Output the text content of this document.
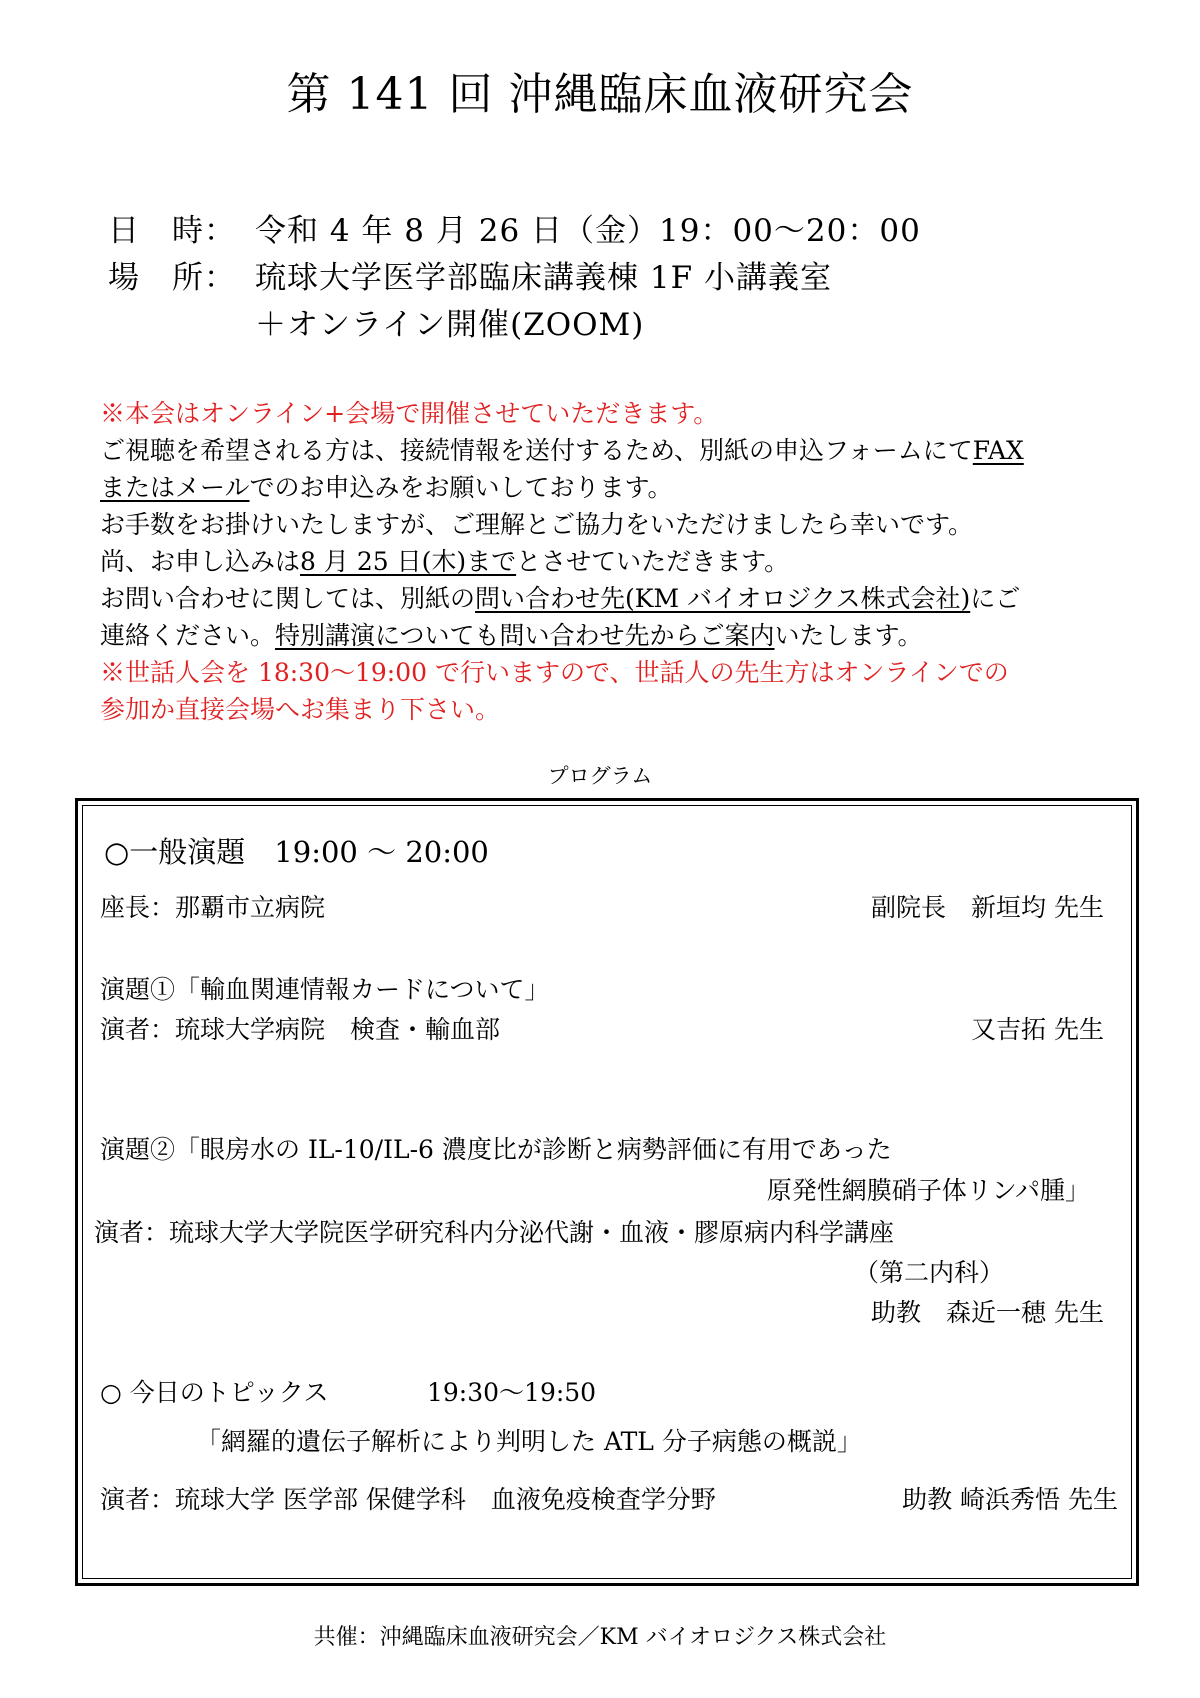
第 141 回 沖縄臨床血液研究会
日　時： 令和 4 年 8 月 26 日（金）19：00〜20：00
場　所： 琉球大学医学部臨床講義棟 1F 小講義室
＋オンライン開催(ZOOM)
※本会はオンライン+会場で開催させていただきます。
ご視聴を希望される方は、接続情報を送付するため、別紙の申込フォームにてFAX
またはメールでのお申込みをお願いしております。
お手数をお掛けいたしますが、ご理解とご協力をいただけましたら幸いです。
尚、お申し込みは8 月 25 日(木)までとさせていただきます。
お問い合わせに関しては、別紙の問い合わせ先(KM バイオロジクス株式会社)にご
連絡ください。特別講演についても問い合わせ先からご案内いたします。
※世話人会を 18:30〜19:00 で行いますので、世話人の先生方はオンラインでの
参加か直接会場へお集まり下さい。
プログラム
○一般演題　19:00 〜 20:00
座長：那覇市立病院	副院長　新垣均 先生
演題①「輸血関連情報カードについて」
演者：琉球大学病院　検査・輸血部	又吉拓 先生
演題②「眼房水の IL-10/IL-6 濃度比が診断と病勢評価に有用であった
原発性網膜硝子体リンパ腫」
演者：琉球大学大学院医学研究科内分泌代謝・血液・膠原病内科学講座
（第二内科）
助教　森近一穂 先生
○ 今日のトピックス	19:30〜19:50
「網羅的遺伝子解析により判明した ATL 分子病態の概説」
演者：琉球大学 医学部 保健学科　血液免疫検査学分野	助教 崎浜秀悟 先生
共催：沖縄臨床血液研究会／KM バイオロジクス株式会社
